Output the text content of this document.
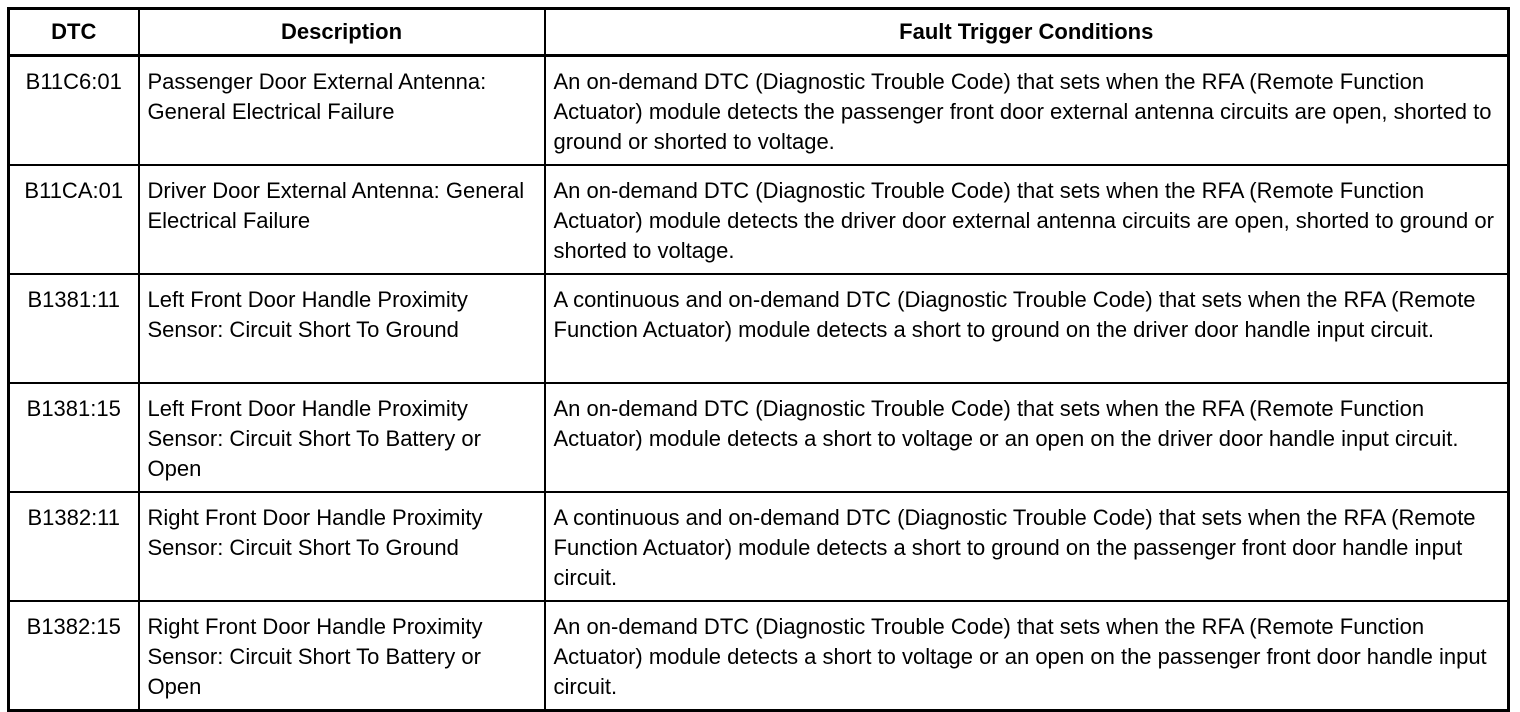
DTC	Description	Fault Trigger Conditions
B11C6:01	Passenger Door External Antenna: General Electrical Failure	An on-demand DTC (Diagnostic Trouble Code) that sets when the RFA (Remote Function Actuator) module detects the passenger front door external antenna circuits are open, shorted to ground or shorted to voltage.
B11CA:01	Driver Door External Antenna: General Electrical Failure	An on-demand DTC (Diagnostic Trouble Code) that sets when the RFA (Remote Function Actuator) module detects the driver door external antenna circuits are open, shorted to ground or shorted to voltage.
B1381:11	Left Front Door Handle Proximity Sensor: Circuit Short To Ground	A continuous and on-demand DTC (Diagnostic Trouble Code) that sets when the RFA (Remote Function Actuator) module detects a short to ground on the driver door handle input circuit.
B1381:15	Left Front Door Handle Proximity Sensor: Circuit Short To Battery or Open	An on-demand DTC (Diagnostic Trouble Code) that sets when the RFA (Remote Function Actuator) module detects a short to voltage or an open on the driver door handle input circuit.
B1382:11	Right Front Door Handle Proximity Sensor: Circuit Short To Ground	A continuous and on-demand DTC (Diagnostic Trouble Code) that sets when the RFA (Remote Function Actuator) module detects a short to ground on the passenger front door handle input circuit.
B1382:15	Right Front Door Handle Proximity Sensor: Circuit Short To Battery or Open	An on-demand DTC (Diagnostic Trouble Code) that sets when the RFA (Remote Function Actuator) module detects a short to voltage or an open on the passenger front door handle input circuit.
